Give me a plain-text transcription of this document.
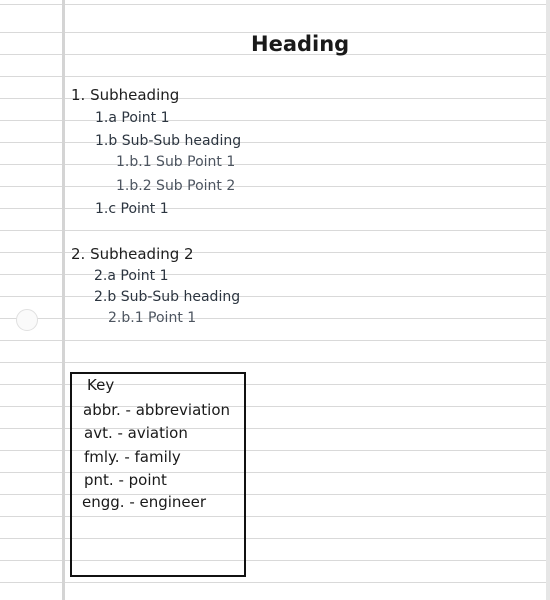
Heading
1. Subheading
1.a Point 1
1.b Sub-Sub heading
1.b.1 Sub Point 1
1.b.2 Sub Point 2
1.c Point 1
2. Subheading 2
2.a Point 1
2.b Sub-Sub heading
2.b.1 Point 1
Key
abbr. - abbreviation
avt. - aviation
fmly. - family
pnt. - point
engg. - engineer
